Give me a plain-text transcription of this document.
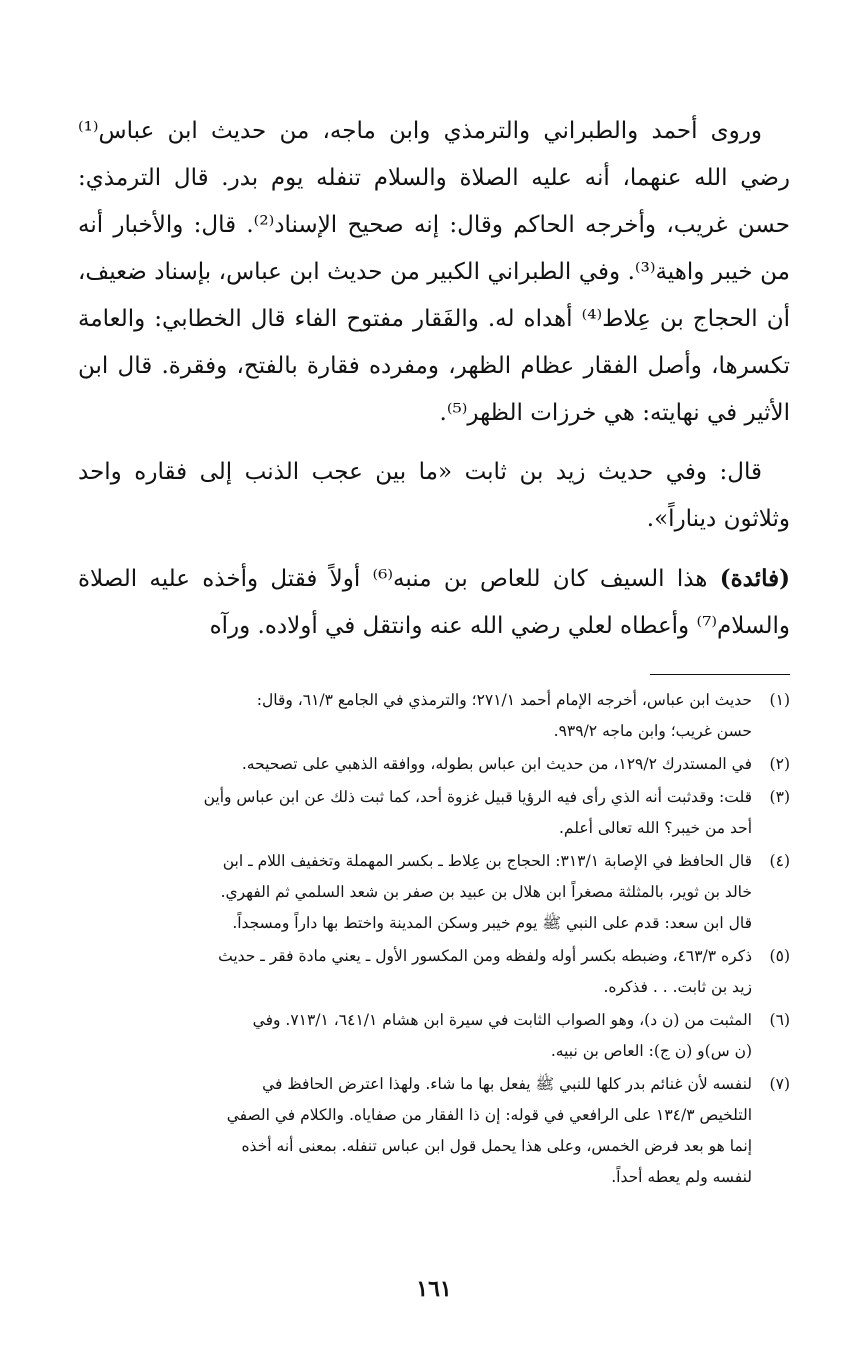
وروى أحمد والطبراني والترمذي وابن ماجه، من حديث ابن عباس⁽¹⁾ رضي الله عنهما، أنه عليه الصلاة والسلام تنفله يوم بدر. قال الترمذي: حسن غريب، وأخرجه الحاكم وقال: إنه صحيح الإسناد⁽²⁾. قال: والأخبار أنه من خيبر واهية⁽³⁾. وفي الطبراني الكبير من حديث ابن عباس، بإسناد ضعيف، أن الحجاج بن عِلاط⁽⁴⁾ أهداه له. والفَقار مفتوح الفاء قال الخطابي: والعامة تكسرها، وأصل الفقار عظام الظهر، ومفرده فقارة بالفتح، وفقرة. قال ابن الأثير في نهايته: هي خرزات الظهر⁽⁵⁾.

قال: وفي حديث زيد بن ثابت «ما بين عجب الذنب إلى فقاره واحد وثلاثون ديناراً».

(فائدة) هذا السيف كان للعاص بن منبه⁽⁶⁾ أولاً فقتل وأخذه عليه الصلاة والسلام⁽⁷⁾ وأعطاه لعلي رضي الله عنه وانتقل في أولاده. ورآه

(١)
حديث ابن عباس، أخرجه الإمام أحمد ٢٧١/١؛ والترمذي في الجامع ٦١/٣، وقال:
حسن غريب؛ وابن ماجه ٩٣٩/٢.
(٢)
في المستدرك ١٢٩/٢، من حديث ابن عباس بطوله، ووافقه الذهبي على تصحيحه.
(٣)
قلت: وقدثبت أنه الذي رأى فيه الرؤيا قبيل غزوة أحد، كما ثبت ذلك عن ابن عباس وأين
أحد من خيبر؟ الله تعالى أعلم.
(٤)
قال الحافظ في الإصابة ٣١٣/١: الحجاج بن عِلاط ـ بكسر المهملة وتخفيف اللام ـ ابن
خالد بن ثوير، بالمثلثة مصغراً ابن هلال بن عبيد بن صفر بن شعد السلمي ثم الفهري.
قال ابن سعد: قدم على النبي ﷺ يوم خيبر وسكن المدينة واختط بها داراً ومسجداً.
(٥)
ذكره ٤٦٣/٣، وضبطه بكسر أوله ولفظه ومن المكسور الأول ـ يعني مادة فقر ـ حديث
زيد بن ثابت. . . فذكره.
(٦)
المثبت من (ن د)، وهو الصواب الثابت في سيرة ابن هشام ٦٤١/١، ٧١٣/١. وفي
(ن س)و (ن ج): العاص بن نبيه.
(٧)
لنفسه لأن غنائم بدر كلها للنبي ﷺ يفعل بها ما شاء. ولهذا اعترض الحافظ في
التلخيص ١٣٤/٣ على الرافعي في قوله: إن ذا الفقار من صفاياه. والكلام في الصفي
إنما هو بعد فرض الخمس، وعلى هذا يحمل قول ابن عباس تنفله. بمعنى أنه أخذه
لنفسه ولم يعطه أحداً.
١٦١
